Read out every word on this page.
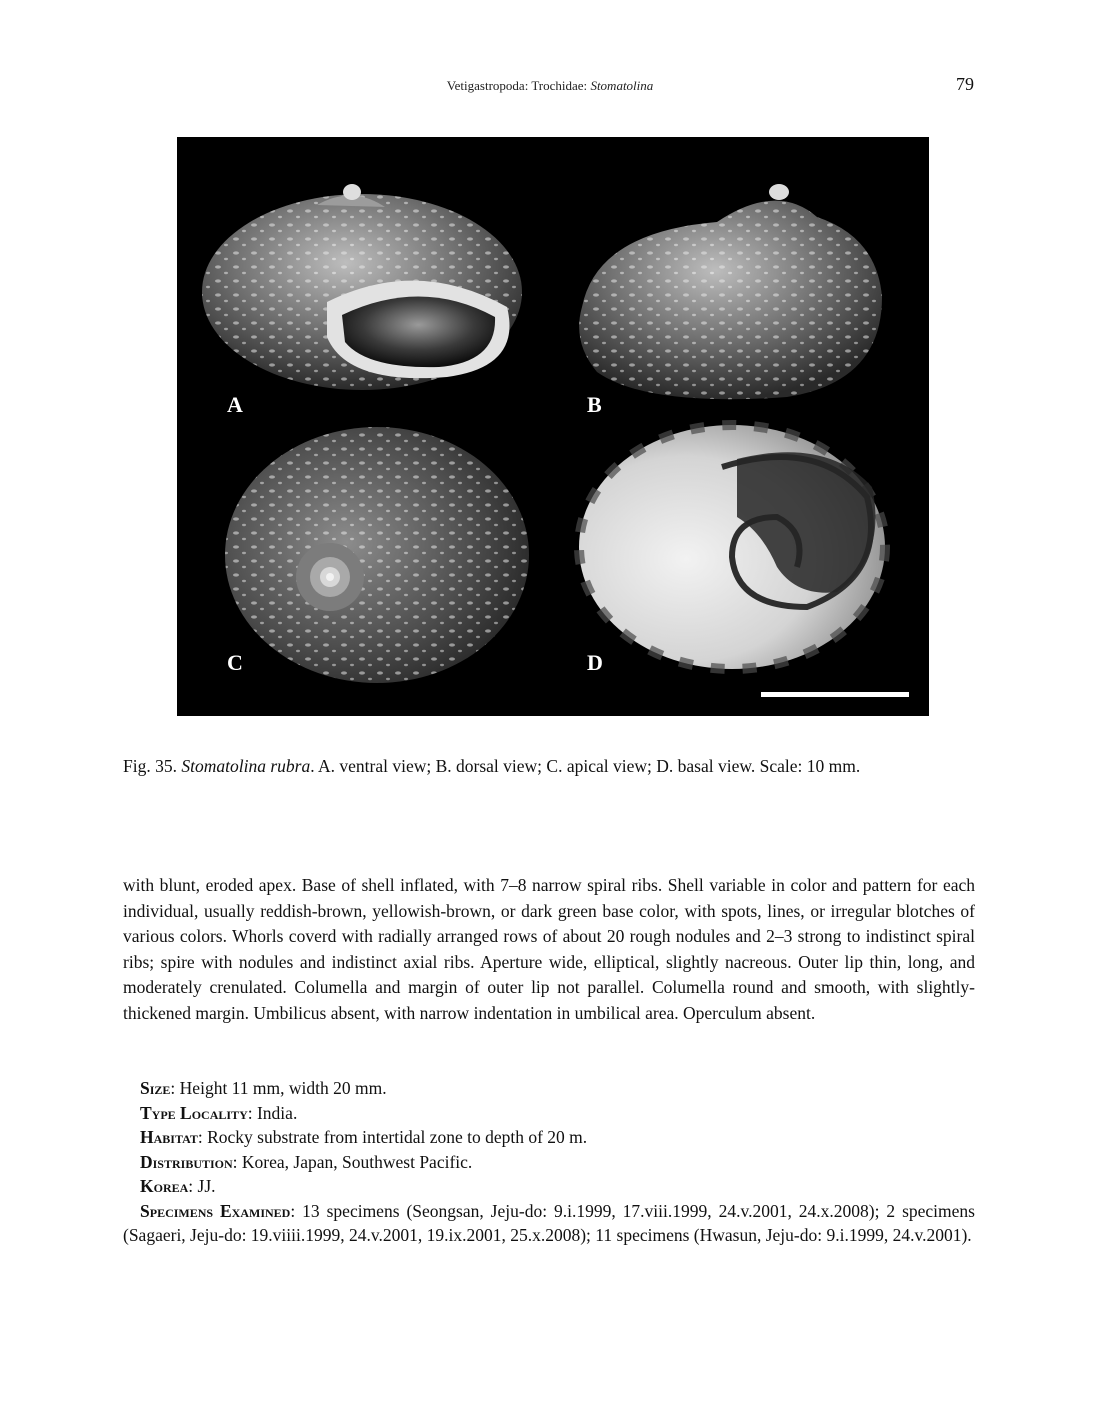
Vetigastropoda: Trochidae: Stomatolina	79
A	B
C	D
Fig. 35. Stomatolina rubra. A. ventral view; B. dorsal view; C. apical view; D. basal view. Scale: 10 mm.
with blunt, eroded apex. Base of shell inflated, with 7–8 narrow spiral ribs. Shell variable in color and pattern for each individual, usually reddish-brown, yellowish-brown, or dark green base color, with spots, lines, or irregular blotches of various colors. Whorls coverd with radially arranged rows of about 20 rough nodules and 2–3 strong to indistinct spiral ribs; spire with nodules and indistinct axial ribs. Aperture wide, elliptical, slightly nacreous. Outer lip thin, long, and moderately crenulated. Columella and margin of outer lip not parallel. Columella round and smooth, with slightly-thickened margin. Umbilicus absent, with narrow indentation in umbilical area. Operculum absent.
Size: Height 11 mm, width 20 mm.
Type Locality: India.
Habitat: Rocky substrate from intertidal zone to depth of 20 m.
Distribution: Korea, Japan, Southwest Pacific.
Korea: JJ.
Specimens Examined: 13 specimens (Seongsan, Jeju-do: 9.i.1999, 17.viii.1999, 24.v.2001, 24.x.2008); 2 specimens (Sagaeri, Jeju-do: 19.viiii.1999, 24.v.2001, 19.ix.2001, 25.x.2008); 11 specimens (Hwasun, Jeju-do: 9.i.1999, 24.v.2001).
